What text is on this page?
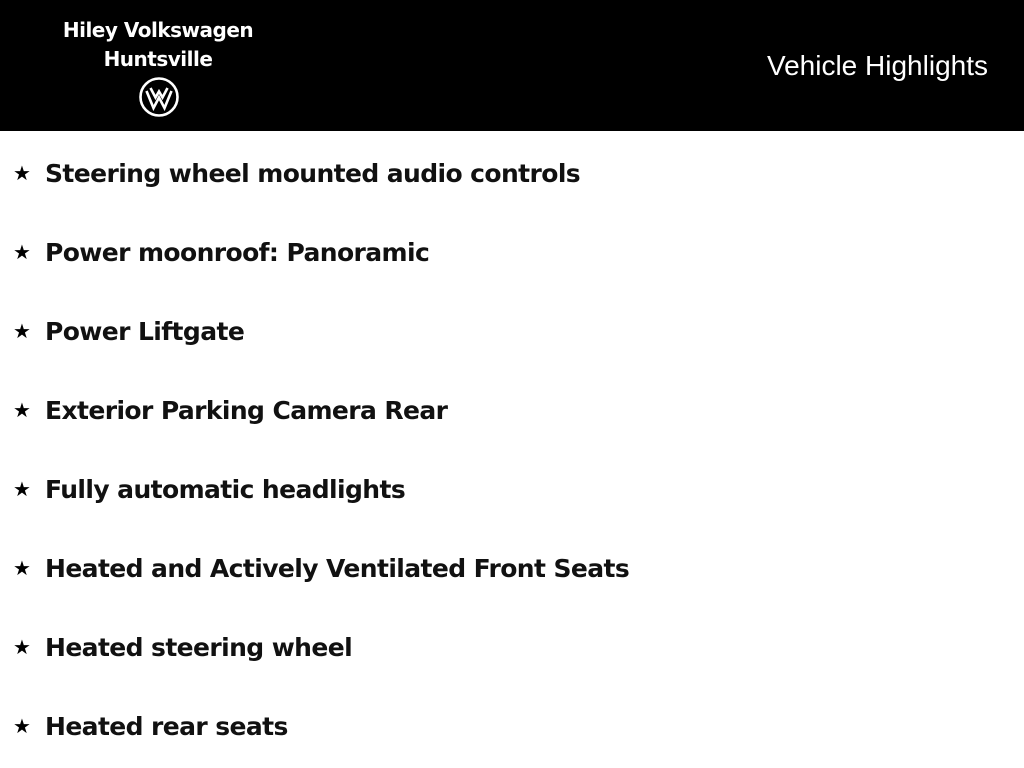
Hiley Volkswagen
Huntsville	Vehicle Highlights
★ Steering wheel mounted audio controls
★ Power moonroof: Panoramic
★ Power Liftgate
★ Exterior Parking Camera Rear
★ Fully automatic headlights
★ Heated and Actively Ventilated Front Seats
★ Heated steering wheel
★ Heated rear seats
